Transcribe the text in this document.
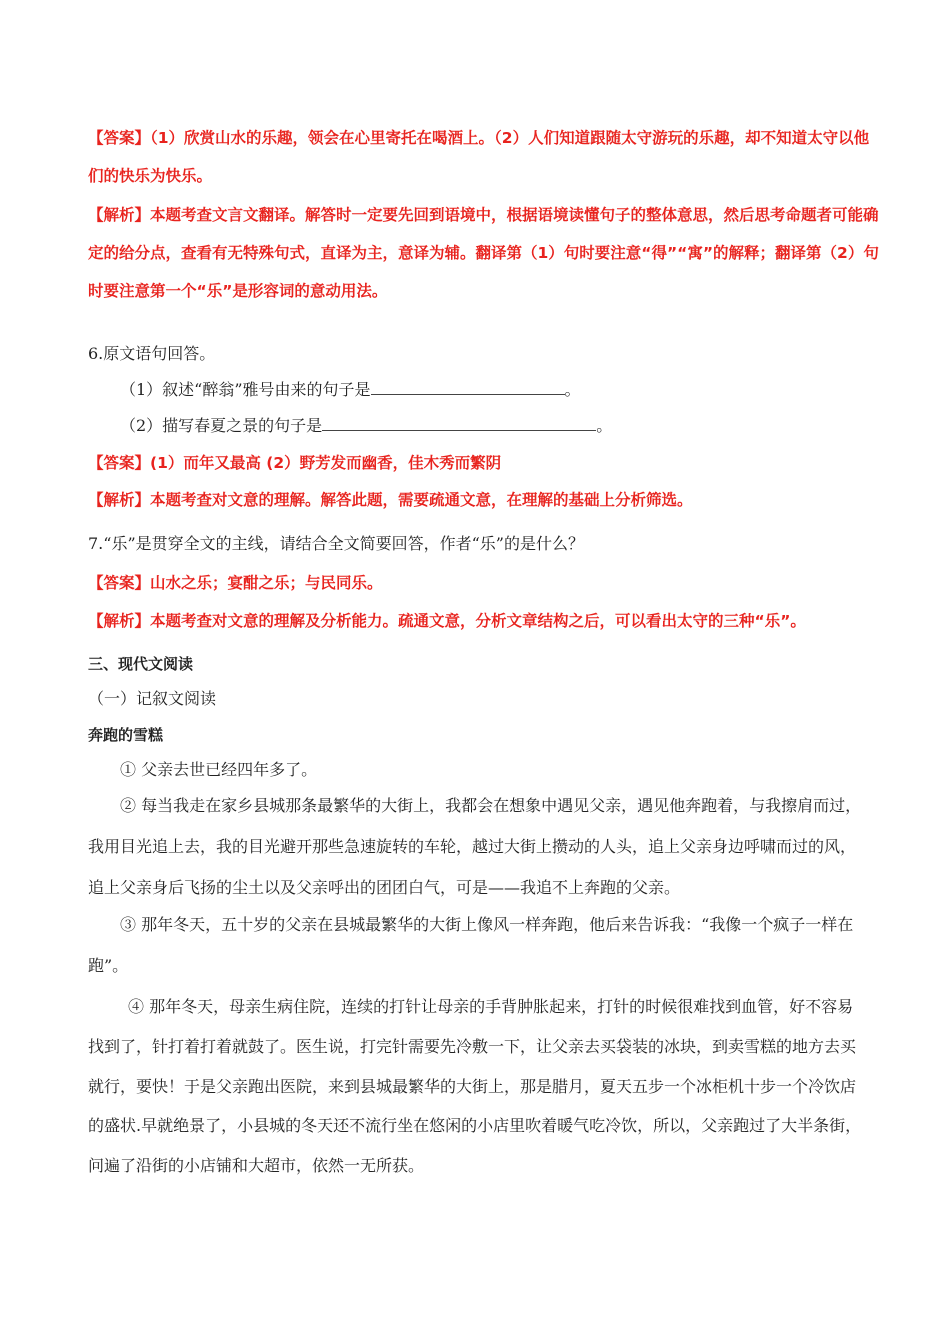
【答案】（1）欣赏山水的乐趣，领会在心里寄托在喝酒上。（2）人们知道跟随太守游玩的乐趣，却不知道太守以他
们的快乐为快乐。
【解析】本题考查文言文翻译。解答时一定要先回到语境中，根据语境读懂句子的整体意思，然后思考命题者可能确
定的给分点，查看有无特殊句式，直译为主，意译为辅。翻译第（1）句时要注意“得”“寓”的解释；翻译第（2）句
时要注意第一个“乐”是形容词的意动用法。
6.原文语句回答。
（1）叙述“醉翁”雅号由来的句子是	。
（2）描写春夏之景的句子是	。
【答案】(1）而年又最高 (2）野芳发而幽香，佳木秀而繁阴
【解析】本题考查对文意的理解。解答此题，需要疏通文意，在理解的基础上分析筛选。
7.“乐”是贯穿全文的主线，请结合全文简要回答，作者“乐”的是什么？
【答案】山水之乐；宴酣之乐；与民同乐。
【解析】本题考查对文意的理解及分析能力。疏通文意，分析文章结构之后，可以看出太守的三种“乐”。
三、现代文阅读
（一）记叙文阅读
奔跑的雪糕
① 父亲去世已经四年多了。
② 每当我走在家乡县城那条最繁华的大街上，我都会在想象中遇见父亲，遇见他奔跑着，与我擦肩而过，
我用目光追上去，我的目光避开那些急速旋转的车轮，越过大街上攒动的人头，追上父亲身边呼啸而过的风，
追上父亲身后飞扬的尘土以及父亲呼出的团团白气，可是——我追不上奔跑的父亲。
③ 那年冬天，五十岁的父亲在县城最繁华的大街上像风一样奔跑，他后来告诉我：“我像一个疯子一样在
跑”。
④ 那年冬天，母亲生病住院，连续的打针让母亲的手背肿胀起来，打针的时候很难找到血管，好不容易
找到了，针打着打着就鼓了。医生说，打完针需要先冷敷一下，让父亲去买袋装的冰块，到卖雪糕的地方去买
就行，要快！于是父亲跑出医院，来到县城最繁华的大街上，那是腊月，夏天五步一个冰柜机十步一个冷饮店
的盛状.早就绝景了，小县城的冬天还不流行坐在悠闲的小店里吹着暖气吃冷饮，所以，父亲跑过了大半条街，
问遍了沿街的小店铺和大超市，依然一无所获。
